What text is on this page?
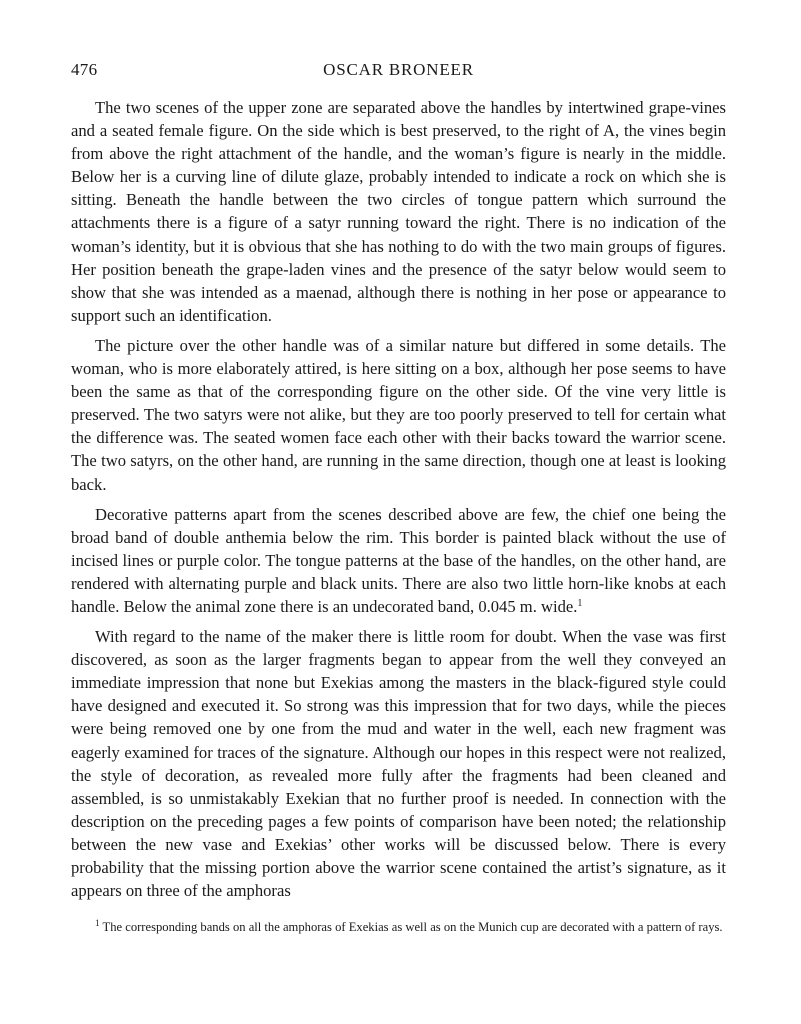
476	OSCAR BRONEER

The two scenes of the upper zone are separated above the handles by intertwined grape-vines and a seated female figure. On the side which is best preserved, to the right of A, the vines begin from above the right attachment of the handle, and the woman’s figure is nearly in the middle. Below her is a curving line of dilute glaze, probably intended to indicate a rock on which she is sitting. Beneath the handle between the two circles of tongue pattern which surround the attachments there is a figure of a satyr running toward the right. There is no indication of the woman’s identity, but it is obvious that she has nothing to do with the two main groups of figures. Her position beneath the grape-laden vines and the presence of the satyr below would seem to show that she was intended as a maenad, although there is nothing in her pose or appearance to support such an identification.

The picture over the other handle was of a similar nature but differed in some details. The woman, who is more elaborately attired, is here sitting on a box, although her pose seems to have been the same as that of the corresponding figure on the other side. Of the vine very little is preserved. The two satyrs were not alike, but they are too poorly preserved to tell for certain what the difference was. The seated women face each other with their backs toward the warrior scene. The two satyrs, on the other hand, are running in the same direction, though one at least is looking back.

Decorative patterns apart from the scenes described above are few, the chief one being the broad band of double anthemia below the rim. This border is painted black without the use of incised lines or purple color. The tongue patterns at the base of the handles, on the other hand, are rendered with alternating purple and black units. There are also two little horn-like knobs at each handle. Below the animal zone there is an undecorated band, 0.045 m. wide.$^1$

With regard to the name of the maker there is little room for doubt. When the vase was first discovered, as soon as the larger fragments began to appear from the well they conveyed an immediate impression that none but Exekias among the masters in the black-figured style could have designed and executed it. So strong was this impression that for two days, while the pieces were being removed one by one from the mud and water in the well, each new fragment was eagerly examined for traces of the signature. Although our hopes in this respect were not realized, the style of decoration, as revealed more fully after the fragments had been cleaned and assembled, is so unmistakably Exekian that no further proof is needed. In connection with the description on the preceding pages a few points of comparison have been noted; the relationship between the new vase and Exekias’ other works will be discussed below. There is every probability that the missing portion above the warrior scene contained the artist’s signature, as it appears on three of the amphoras

$^1$ The corresponding bands on all the amphoras of Exekias as well as on the Munich cup are decorated with a pattern of rays.
